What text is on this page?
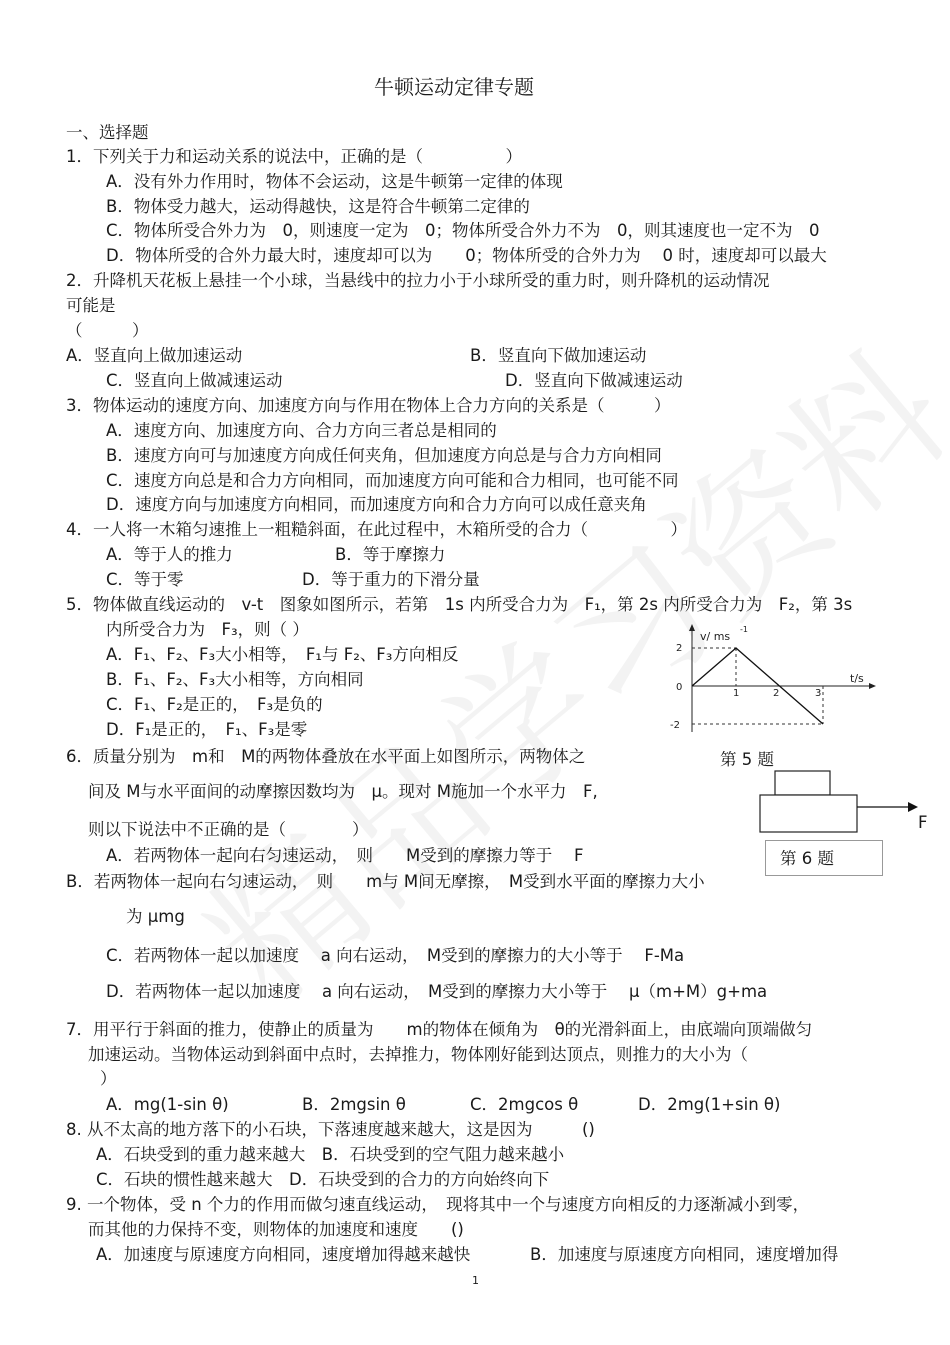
牛顿运动定律专题
一、选择题
1．下列关于力和运动关系的说法中，正确的是（　　　　　）
A．没有外力作用时，物体不会运动，这是牛顿第一定律的体现
B．物体受力越大，运动得越快，这是符合牛顿第二定律的
C．物体所受合外力为　0，则速度一定为　0；物体所受合外力不为　0，则其速度也一定不为　0
D．物体所受的合外力最大时，速度却可以为　　0；物体所受的合外力为　 0 时，速度却可以最大
2．升降机天花板上悬挂一个小球，当悬线中的拉力小于小球所受的重力时，则升降机的运动情况
可能是
（　　　）
A．竖直向上做加速运动	B．竖直向下做加速运动
C．竖直向上做减速运动	D．竖直向下做减速运动
3．物体运动的速度方向、加速度方向与作用在物体上合力方向的关系是（　　　）
A．速度方向、加速度方向、合力方向三者总是相同的
B．速度方向可与加速度方向成任何夹角，但加速度方向总是与合力方向相同
C．速度方向总是和合力方向相同，而加速度方向可能和合力相同，也可能不同
D．速度方向与加速度方向相同，而加速度方向和合力方向可以成任意夹角
4．一人将一木箱匀速推上一粗糙斜面，在此过程中，木箱所受的合力（　　　　　）
A．等于人的推力	B．等于摩擦力
C．等于零	D．等于重力的下滑分量
5．物体做直线运动的　v-t　图象如图所示，若第　1s 内所受合力为　F₁，第 2s 内所受合力为　F₂，第 3s
内所受合力为　F₃，则（ ）
A．F₁、F₂、F₃大小相等，　F₁与 F₂、F₃方向相反
B．F₁、F₂、F₃大小相等，方向相同
C．F₁、F₂是正的，　F₃是负的
D．F₁是正的，　F₁、F₃是零
v/ ms
-1
t/s
2
0
-2
1	2	3
第 5 题
6．质量分别为　m和　M的两物体叠放在水平面上如图所示，两物体之
间及 M与水平面间的动摩擦因数均为　μ。现对 M施加一个水平力　F,
则以下说法中不正确的是（　　　　）
A．若两物体一起向右匀速运动，　则　　M受到的摩擦力等于　 F
B．若两物体一起向右匀速运动，　则　　m与 M间无摩擦，　M受到水平面的摩擦力大小
为 μmg
C．若两物体一起以加速度　 a 向右运动，　M受到的摩擦力的大小等于　 F-Ma
D．若两物体一起以加速度　 a 向右运动，　M受到的摩擦力大小等于　 μ（m+M）g+ma
F
第 6 题
7．用平行于斜面的推力，使静止的质量为　　m的物体在倾角为　θ的光滑斜面上，由底端向顶端做匀
加速运动。当物体运动到斜面中点时，去掉推力，物体刚好能到达顶点，则推力的大小为（
）
A．mg(1-sin θ)	B．2mgsin θ	C．2mgcos θ	D．2mg(1+sin θ)
8. 从不太高的地方落下的小石块，下落速度越来越大，这是因为　　　()
A．石块受到的重力越来越大　B．石块受到的空气阻力越来越小
C．石块的惯性越来越大　D．石块受到的合力的方向始终向下
9. 一个物体，受 n 个力的作用而做匀速直线运动，　现将其中一个与速度方向相反的力逐渐减小到零，
而其他的力保持不变，则物体的加速度和速度　　()
A．加速度与原速度方向相同，速度增加得越来越快	B．加速度与原速度方向相同，速度增加得
1
